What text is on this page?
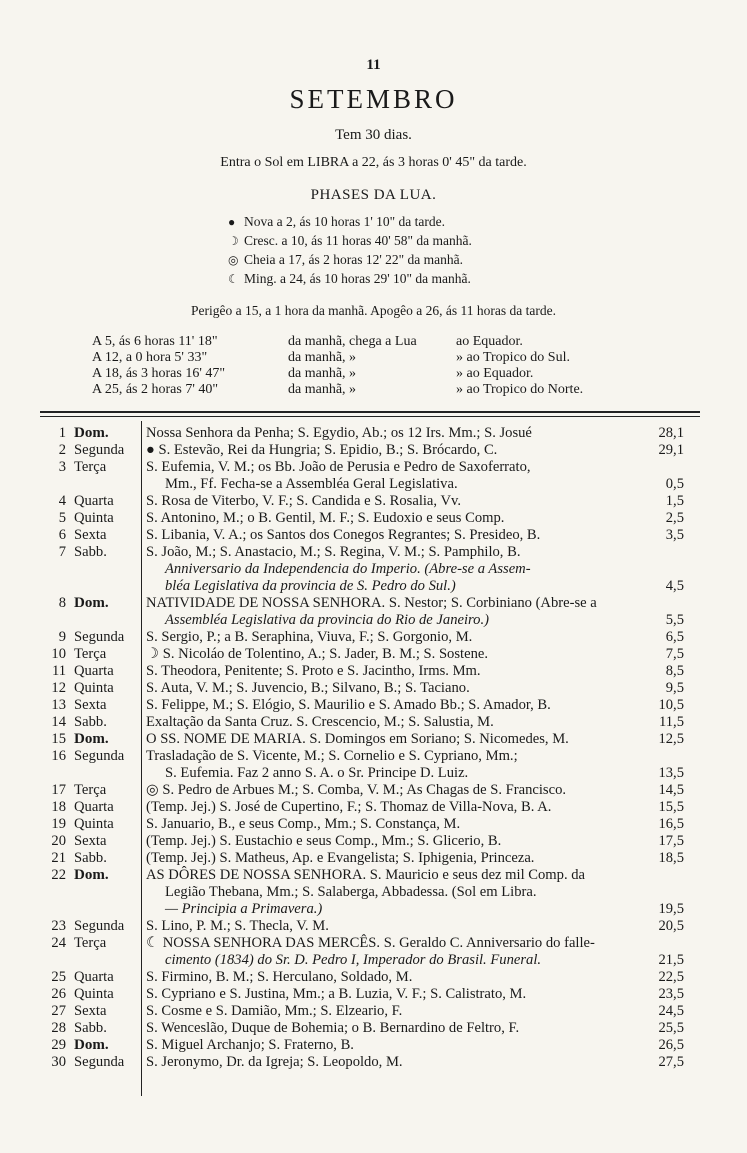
11
SETEMBRO
Tem 30 dias.
Entra o Sol em LIBRA a 22, ás 3 horas 0' 45" da tarde.
PHASES DA LUA.
● Nova a 2, ás 10 horas 1' 10" da tarde.
☽ Cresc. a 10, ás 11 horas 40' 58" da manhã.
◎ Cheia a 17, ás 2 horas 12' 22" da manhã.
☾ Ming. a 24, ás 10 horas 29' 10" da manhã.
Perigêo a 15, a 1 hora da manhã. Apogêo a 26, ás 11 horas da tarde.
A 5, ás 6 horas 11' 18"	da manhã, chega a Lua	ao Equador.
A 12, a 0 hora 5' 33"	da manhã, »	» ao Tropico do Sul.
A 18, ás 3 horas 16' 47"	da manhã, »	» ao Equador.
A 25, ás 2 horas 7' 40"	da manhã, »	» ao Tropico do Norte.
1 Dom.	Nossa Senhora da Penha; S. Egydio, Ab.; os 12 Irs. Mm.; S. Josué	28,1
2 Segunda ● S. Estevão, Rei da Hungria; S. Epidio, B.; S. Brócardo, C.	29,1
3 Terça	S. Eufemia, V. M.; os Bb. João de Perusia e Pedro de Saxoferrato,
Mm., Ff. Fecha-se a Assembléa Geral Legislativa.	0,5
4 Quarta S. Rosa de Viterbo, V. F.; S. Candida e S. Rosalia, Vv.	1,5
5 Quinta S. Antonino, M.; o B. Gentil, M. F.; S. Eudoxio e seus Comp.	2,5
6 Sexta	S. Libania, V. A.; os Santos dos Conegos Regrantes; S. Presideo, B.	3,5
7 Sabb.	S. João, M.; S. Anastacio, M.; S. Regina, V. M.; S. Pamphilo, B.
Anniversario da Independencia do Imperio. (Abre-se a Assem-
bléa Legislativa da provincia de S. Pedro do Sul.)	4,5
8 Dom.	NATIVIDADE DE NOSSA SENHORA. S. Nestor; S. Corbiniano (Abre-se a
Assembléa Legislativa da provincia do Rio de Janeiro.)	5,5
9 Segunda S. Sergio, P.; a B. Seraphina, Viuva, F.; S. Gorgonio, M.	6,5
10 Terça	☽ S. Nicoláo de Tolentino, A.; S. Jader, B. M.; S. Sostene.	7,5
11 Quarta S. Theodora, Penitente; S. Proto e S. Jacintho, Irms. Mm.	8,5
12 Quinta S. Auta, V. M.; S. Juvencio, B.; Silvano, B.; S. Taciano.	9,5
13 Sexta	S. Felippe, M.; S. Elógio, S. Maurilio e S. Amado Bb.; S. Amador, B.	10,5
14 Sabb.	Exaltação da Santa Cruz. S. Crescencio, M.; S. Salustia, M.	11,5
15 Dom.	O SS. NOME DE MARIA. S. Domingos em Soriano; S. Nicomedes, M.	12,5
16 Segunda Trasladação de S. Vicente, M.; S. Cornelio e S. Cypriano, Mm.;
S. Eufemia. Faz 2 anno S. A. o Sr. Principe D. Luiz.	13,5
17 Terça	◎ S. Pedro de Arbues M.; S. Comba, V. M.; As Chagas de S. Francisco.	14,5
18 Quarta (Temp. Jej.) S. José de Cupertino, F.; S. Thomaz de Villa-Nova, B. A.	15,5
19 Quinta S. Januario, B., e seus Comp., Mm.; S. Constança, M.	16,5
20 Sexta	(Temp. Jej.) S. Eustachio e seus Comp., Mm.; S. Glicerio, B.	17,5
21 Sabb.	(Temp. Jej.) S. Matheus, Ap. e Evangelista; S. Iphigenia, Princeza.	18,5
22 Dom.	AS DÔRES DE NOSSA SENHORA. S. Mauricio e seus dez mil Comp. da
Legião Thebana, Mm.; S. Salaberga, Abbadessa. (Sol em Libra.
— Principia a Primavera.)	19,5
23 Segunda S. Lino, P. M.; S. Thecla, V. M.	20,5
24 Terça	☾ NOSSA SENHORA DAS MERCÊS. S. Geraldo C. Anniversario do falle-
cimento (1834) do Sr. D. Pedro I, Imperador do Brasil. Funeral.	21,5
25 Quarta S. Firmino, B. M.; S. Herculano, Soldado, M.	22,5
26 Quinta S. Cypriano e S. Justina, Mm.; a B. Luzia, V. F.; S. Calistrato, M.	23,5
27 Sexta	S. Cosme e S. Damião, Mm.; S. Elzeario, F.	24,5
28 Sabb.	S. Wenceslão, Duque de Bohemia; o B. Bernardino de Feltro, F.	25,5
29 Dom.	S. Miguel Archanjo; S. Fraterno, B.	26,5
30 Segunda S. Jeronymo, Dr. da Igreja; S. Leopoldo, M.	27,5
